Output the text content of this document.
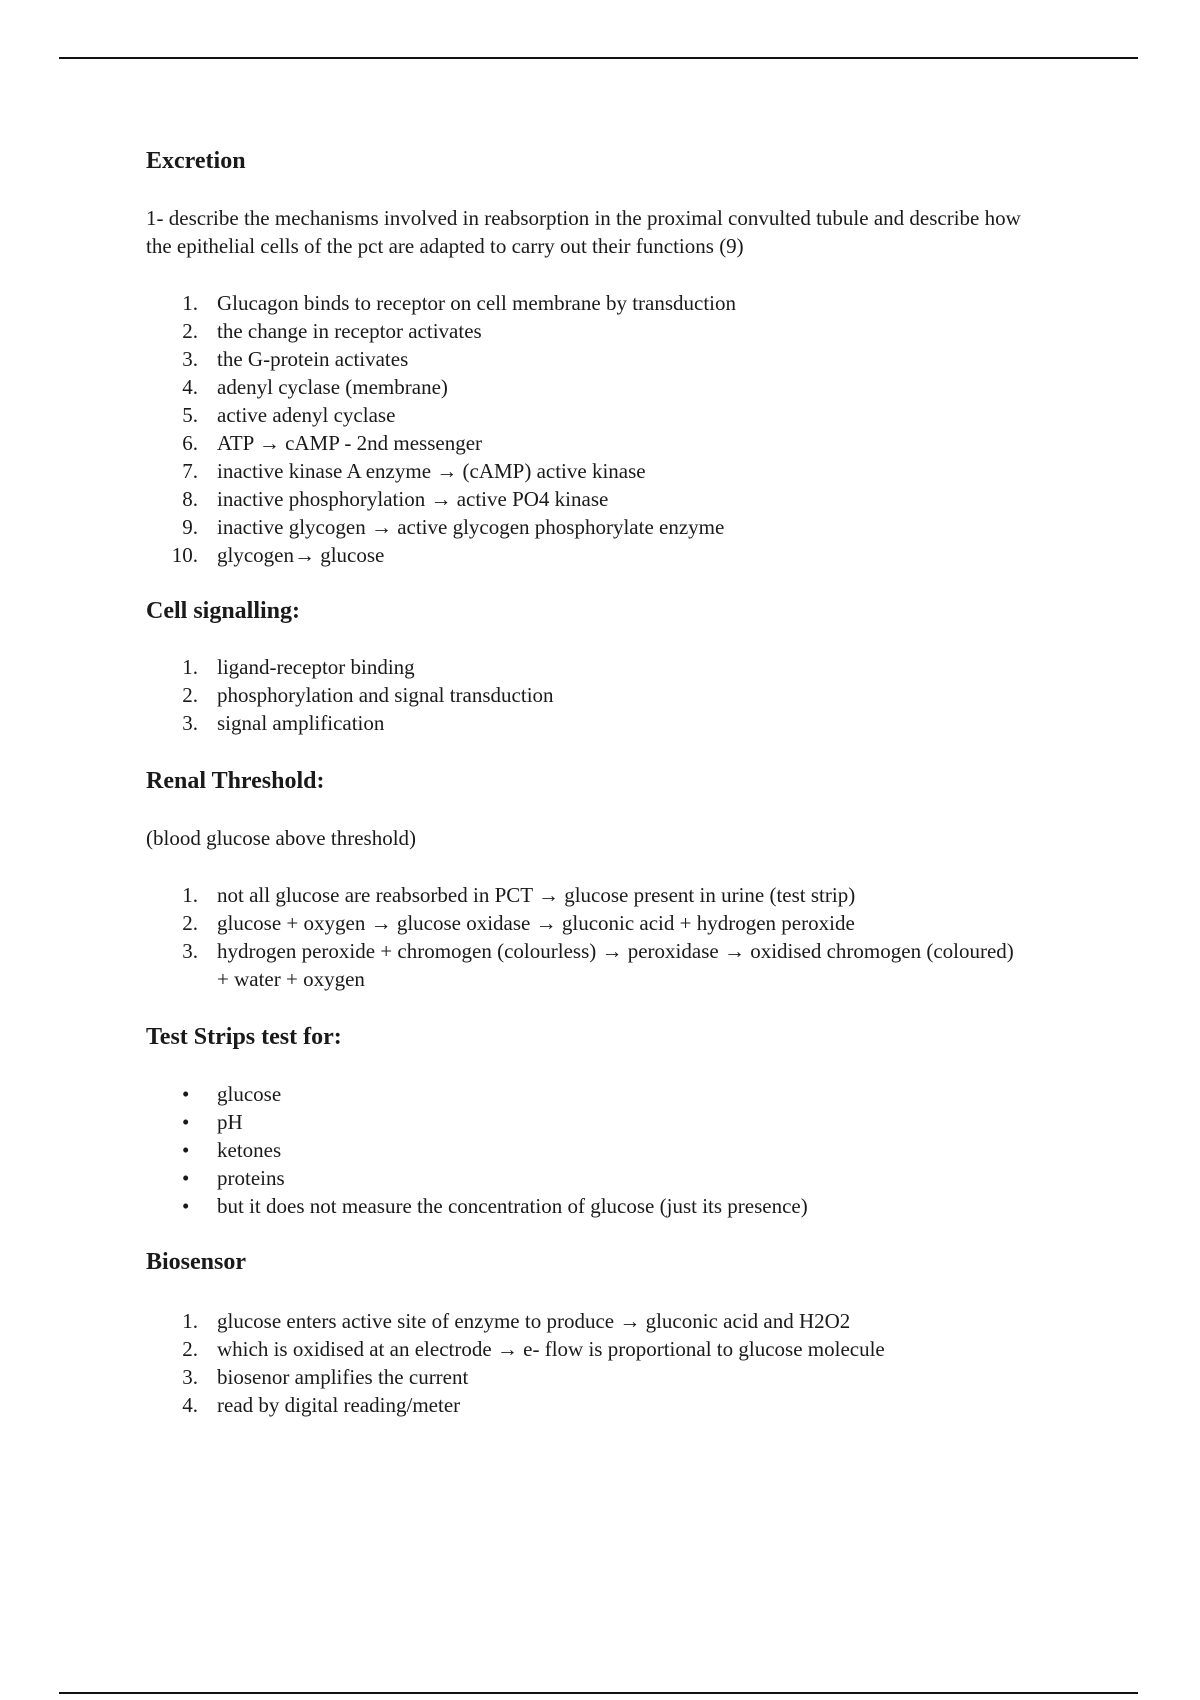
Excretion

1- describe the mechanisms involved in reabsorption in the proximal convulted tubule and describe how the epithelial cells of the pct are adapted to carry out their functions (9)

1. Glucagon binds to receptor on cell membrane by transduction
2. the change in receptor activates
3. the G-protein activates
4. adenyl cyclase (membrane)
5. active adenyl cyclase
6. ATP → cAMP - 2nd messenger
7. inactive kinase A enzyme → (cAMP) active kinase
8. inactive phosphorylation → active PO4 kinase
9. inactive glycogen → active glycogen phosphorylate enzyme
10. glycogen→ glucose
Cell signalling:
1. ligand-receptor binding
2. phosphorylation and signal transduction
3. signal amplification
Renal Threshold:

(blood glucose above threshold)

1. not all glucose are reabsorbed in PCT → glucose present in urine (test strip)
2. glucose + oxygen → glucose oxidase → gluconic acid + hydrogen peroxide
3. hydrogen peroxide + chromogen (colourless) → peroxidase → oxidised chromogen (coloured) + water + oxygen
Test Strips test for:
• glucose
• pH
• ketones
• proteins
• but it does not measure the concentration of glucose (just its presence)
Biosensor
1. glucose enters active site of enzyme to produce → gluconic acid and H2O2
2. which is oxidised at an electrode → e- flow is proportional to glucose molecule
3. biosenor amplifies the current
4. read by digital reading/meter
